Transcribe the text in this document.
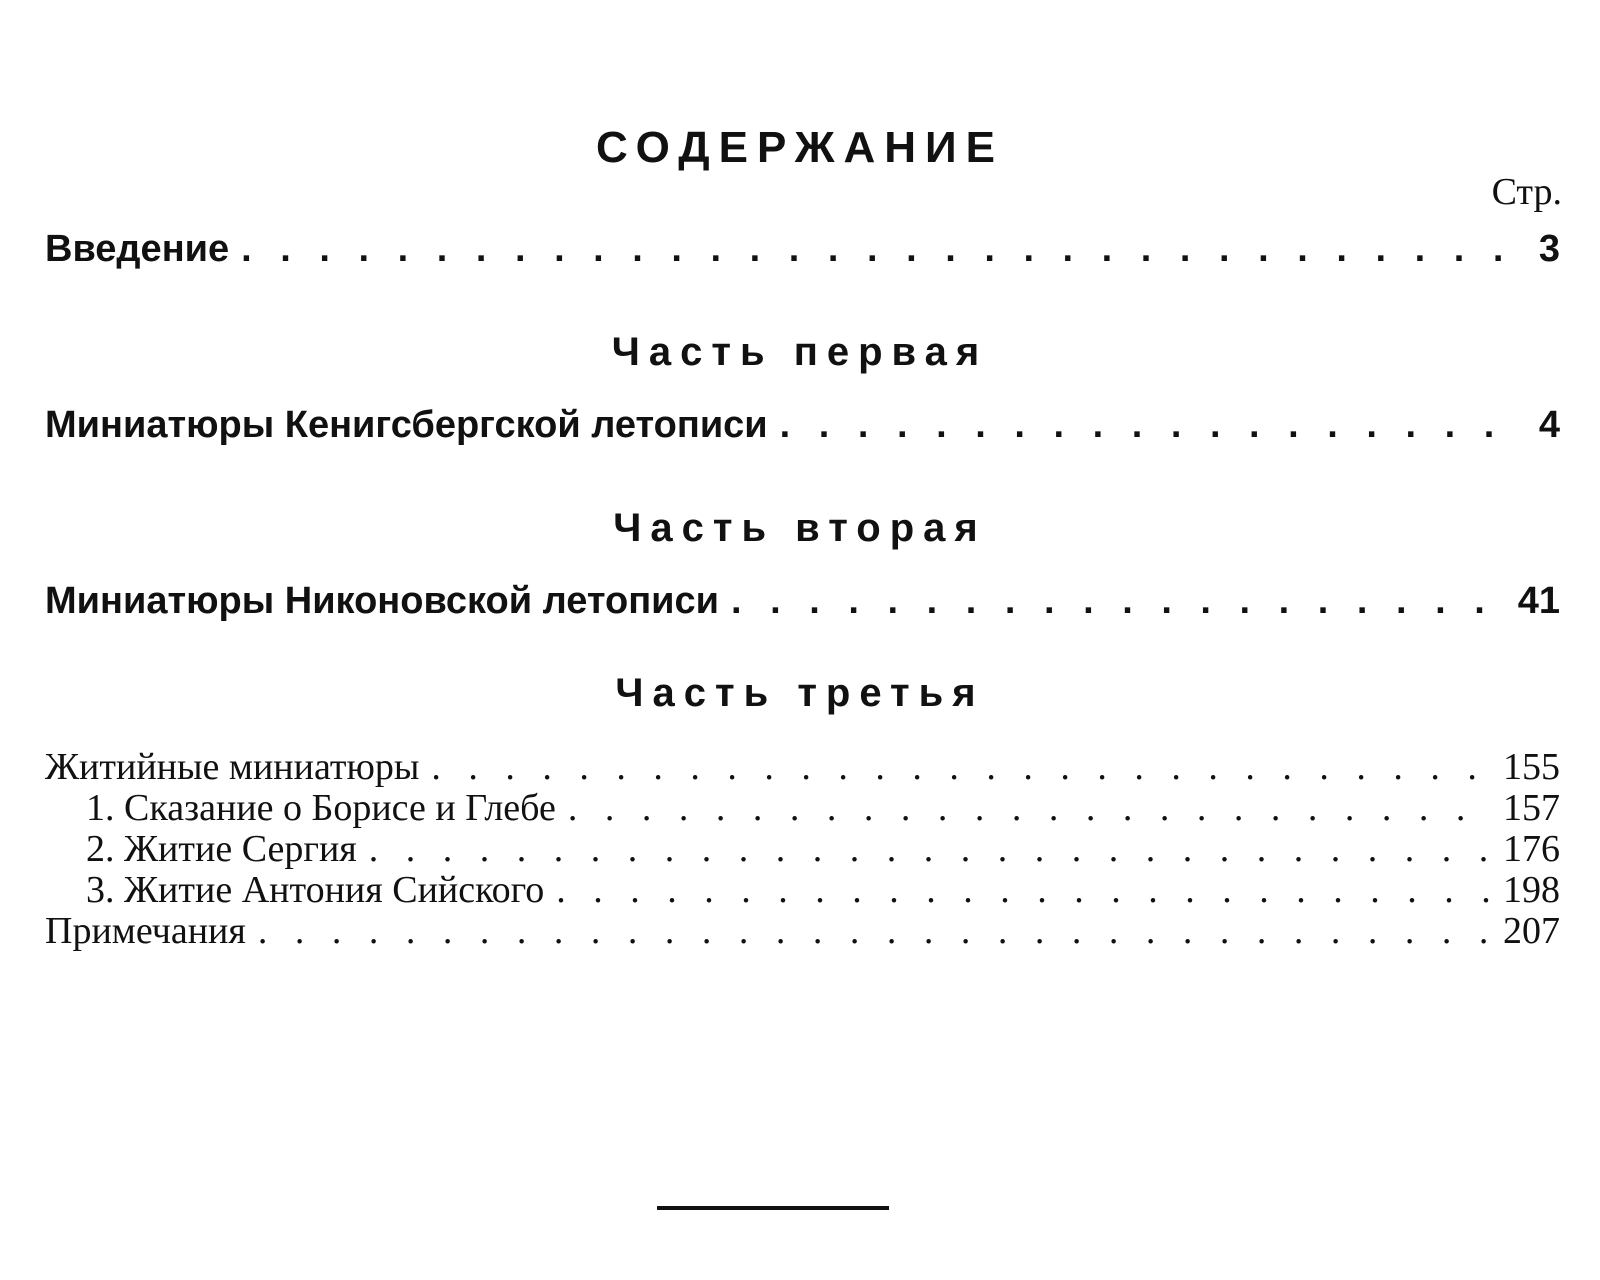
СОДЕРЖАНИЕ
Стр.
Введение . . .	3
Часть первая
Миниатюры Кенигсбергской летописи . . .	4
Часть вторая
Миниатюры Никоновской летописи . . .	41
Часть третья
Житийные миниатюры . . .	155
1. Сказание о Борисе и Глебе . . .	157
2. Житие Сергия . . .	176
3. Житие Антония Сийского . . .	198
Примечания . . .	207
